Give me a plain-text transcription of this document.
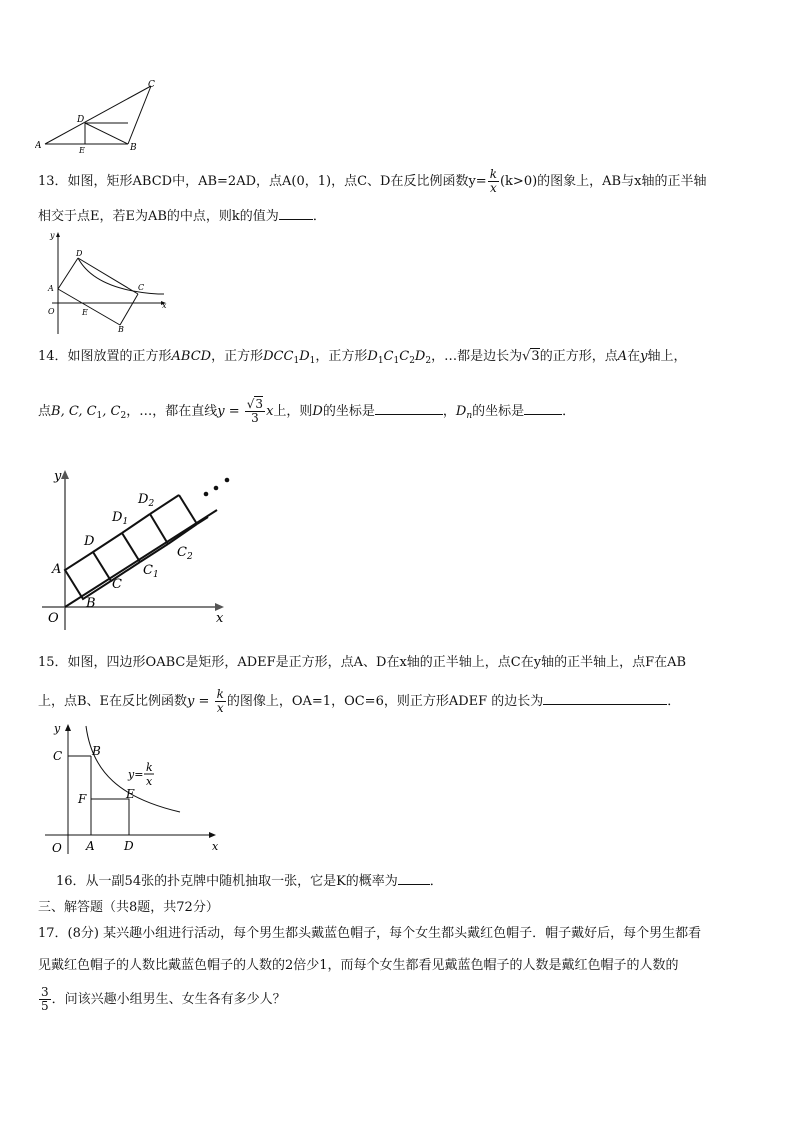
A	B
C
D
E
13．如图，矩形ABCD中，AB=2AD，点A(0，1)，点C、D在反比例函数$y= \frac{k}{x} (k>0)$的图象上，AB与x轴的正半轴
相交于点E，若E为AB的中点，则k的值为	．
y
x
D
A	C
O	E
B
14．如图放置的正方形ABCD，正方形$DCC_1D_1$，正方形$D_1C_1C_2D_2$，…都是边长为√3的正方形，点A在y轴上，
点B, C, $C_1$, $C_2$，…，都在直线$y = \frac{√3}{3}$ x上，则D的坐标是	，$D_n$的坐标是	．
y
x
O
A
B
C
$C_1$
$C_2$
D
$D_1$
$D_2$
15．如图，四边形OABC是矩形，ADEF是正方形，点A、D在x轴的正半轴上，点C在y轴的正半轴上，点F在AB
上，点B、E在反比例函数$y = \frac{k}{x}$ 的图像上，OA=1，OC=6，则正方形ADEF 的边长为	．
y
x
O A D
C B
F	E
y=
k
x
16．从一副54张的扑克牌中随机抽取一张，它是K的概率为 ．
三、解答题（共8题，共72分）
17．(8分) 某兴趣小组进行活动，每个男生都头戴蓝色帽子，每个女生都头戴红色帽子．帽子戴好后，每个男生都看
见戴红色帽子的人数比戴蓝色帽子的人数的2倍少1，而每个女生都看见戴蓝色帽子的人数是戴红色帽子的人数的
$\frac{3}{5}$ ．问该兴趣小组男生、女生各有多少人？
